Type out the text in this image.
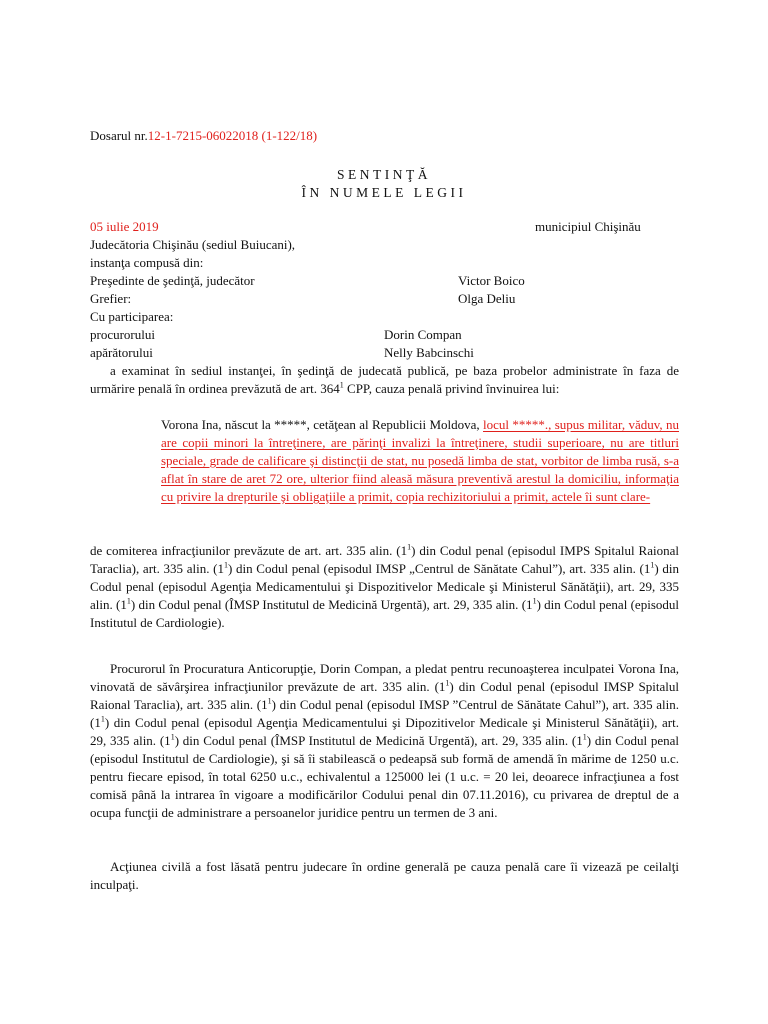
Dosarul nr.12-1-7215-06022018 (1-122/18)
SENTINŢĂ
ÎN NUMELE LEGII
05 iulie 2019	municipiul Chişinău
Judecătoria Chişinău (sediul Buiucani),
instanţa compusă din:
Preşedinte de şedinţă, judecător	Victor Boico
Grefier:	Olga Deliu
Cu participarea:
procurorului	Dorin Compan
apărătorului	Nelly Babcinschi

a examinat în sediul instanţei, în şedinţă de judecată publică, pe baza probelor administrate în faza de urmărire penală în ordinea prevăzută de art. $364^1$ CPP, cauza penală privind învinuirea lui:

Vorona Ina, născut la *****, cetăţean al Republicii Moldova, locul *****., supus militar, văduv, nu are copii minori la întreţinere, are părinţi invalizi la întreţinere, studii superioare, nu are titluri speciale, grade de calificare şi distincţii de stat, nu posedă limba de stat, vorbitor de limba rusă, s-a aflat în stare de aret 72 ore, ulterior fiind aleasă măsura preventivă arestul la domiciliu, informaţia cu privire la drepturile şi obligaţiile a primit, copia rechizitoriului a primit, actele îi sunt clare-

de comiterea infracţiunilor prevăzute de art. art. 335 alin. $(1^1)$ din Codul penal (episodul IMPS Spitalul Raional Taraclia), art. 335 alin. $(1^1)$ din Codul penal (episodul IMSP „Centrul de Sănătate Cahul”), art. 335 alin. $(1^1)$ din Codul penal (episodul Agenţia Medicamentului şi Dispozitivelor Medicale şi Ministerul Sănătăţii), art. 29, 335 alin. $(1^1)$ din Codul penal (ÎMSP Institutul de Medicină Urgentă), art. 29, 335 alin. $(1^1)$ din Codul penal (episodul Institutul de Cardiologie).

Procurorul în Procuratura Anticorupţie, Dorin Compan, a pledat pentru recunoaşterea inculpatei Vorona Ina, vinovată de săvârşirea infracţiunilor prevăzute de art. 335 alin. $(1^1)$ din Codul penal (episodul IMSP Spitalul Raional Taraclia), art. 335 alin. $(1^1)$ din Codul penal (episodul IMSP ”Centrul de Sănătate Cahul”), art. 335 alin. $(1^1)$ din Codul penal (episodul Agenţia Medicamentului şi Dipozitivelor Medicale şi Ministerul Sănătăţii), art. 29, 335 alin. $(1^1)$ din Codul penal (ÎMSP Institutul de Medicină Urgentă), art. 29, 335 alin. $(1^1)$ din Codul penal (episodul Institutul de Cardiologie), şi să îi stabilească o pedeapsă sub formă de amendă în mărime de 1250 u.c. pentru fiecare episod, în total 6250 u.c., echivalentul a 125000 lei (1 u.c. = 20 lei, deoarece infracţiunea a fost comisă până la intrarea în vigoare a modificărilor Codului penal din 07.11.2016), cu privarea de dreptul de a ocupa funcţii de administrare a persoanelor juridice pentru un termen de 3 ani.

Acţiunea civilă a fost lăsată pentru judecare în ordine generală pe cauza penală care îi vizează pe ceilalţi inculpaţi.
